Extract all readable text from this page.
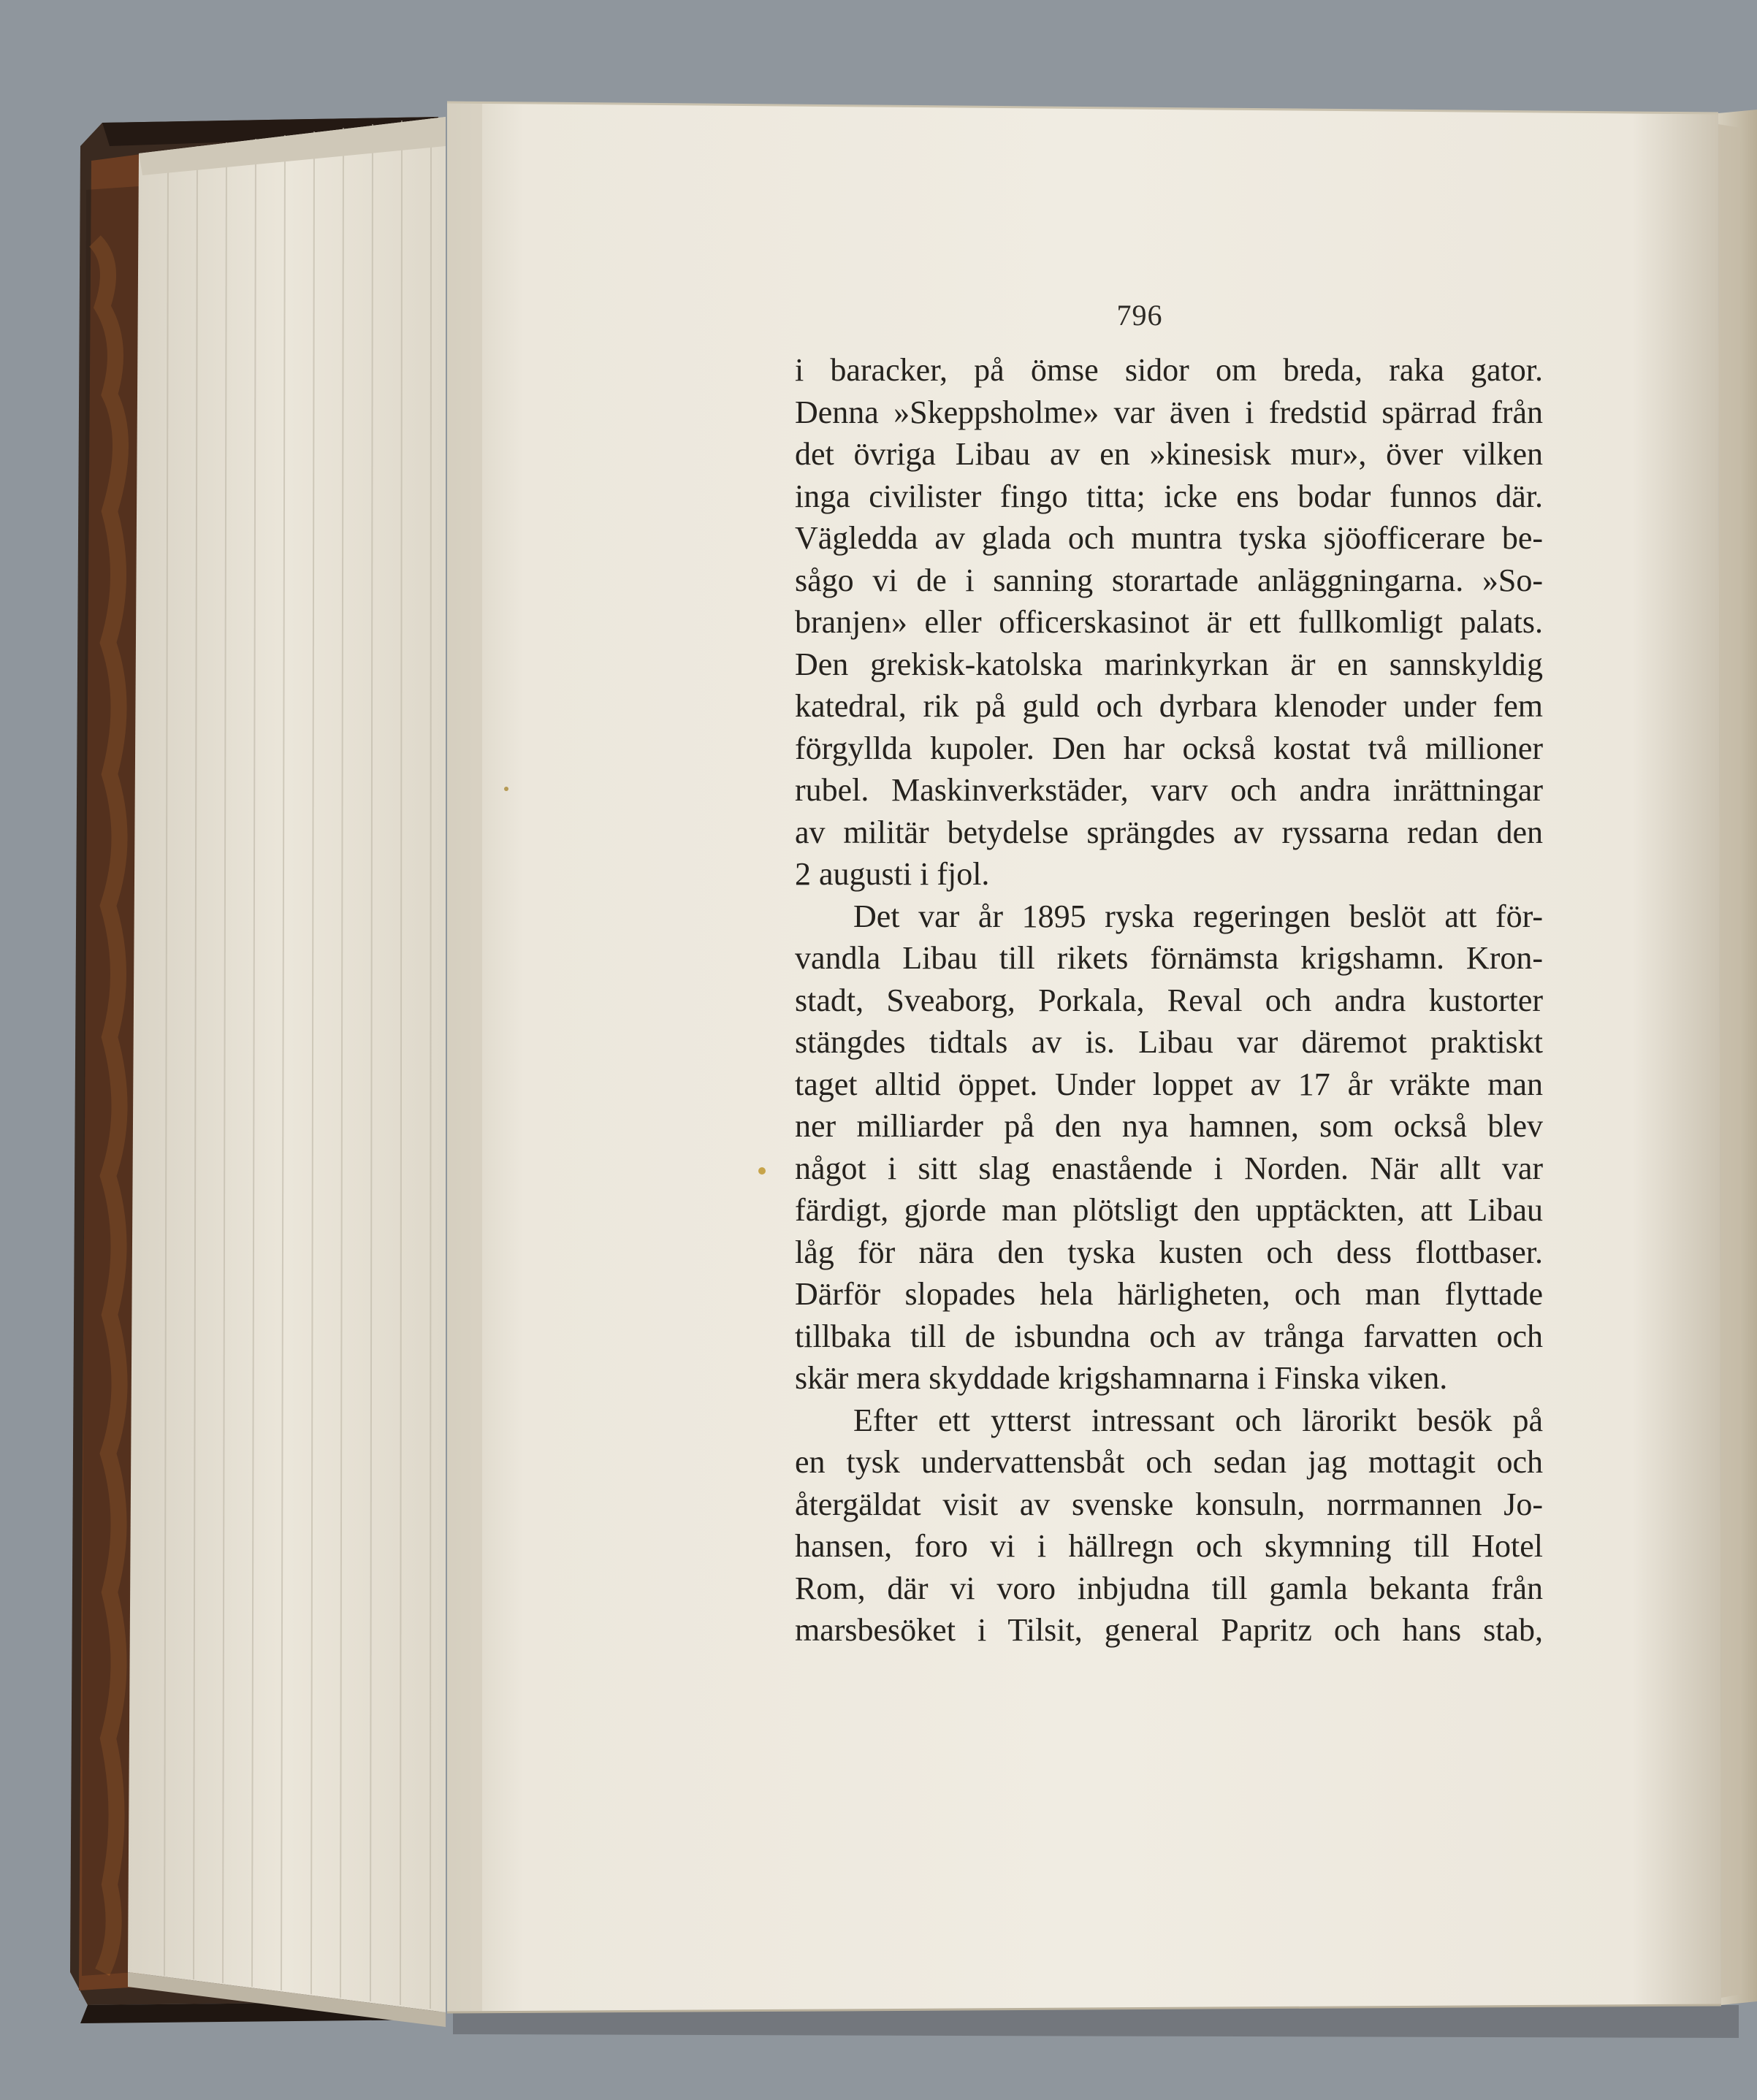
796

i baracker, på ömse sidor om breda, raka gator.

Denna »Skeppsholme» var även i fredstid spärrad från

det övriga Libau av en »kinesisk mur», över vilken

inga civilister fingo titta; icke ens bodar funnos där.

Vägledda av glada och muntra tyska sjöofficerare be-

sågo vi de i sanning storartade anläggningarna. »So-

branjen» eller officerskasinot är ett fullkomligt palats.

Den grekisk-katolska marinkyrkan är en sannskyldig

katedral, rik på guld och dyrbara klenoder under fem

förgyllda kupoler. Den har också kostat två millioner

rubel. Maskinverkstäder, varv och andra inrättningar

av militär betydelse sprängdes av ryssarna redan den

2 augusti i fjol.

Det var år 1895 ryska regeringen beslöt att för-

vandla Libau till rikets förnämsta krigshamn. Kron-

stadt, Sveaborg, Porkala, Reval och andra kustorter

stängdes tidtals av is. Libau var däremot praktiskt

taget alltid öppet. Under loppet av 17 år vräkte man

ner milliarder på den nya hamnen, som också blev

något i sitt slag enastående i Norden. När allt var

färdigt, gjorde man plötsligt den upptäckten, att Libau

låg för nära den tyska kusten och dess flottbaser.

Därför slopades hela härligheten, och man flyttade

tillbaka till de isbundna och av trånga farvatten och

skär mera skyddade krigshamnarna i Finska viken.

Efter ett ytterst intressant och lärorikt besök på

en tysk undervattensbåt och sedan jag mottagit och

återgäldat visit av svenske konsuln, norrmannen Jo-

hansen, foro vi i hällregn och skymning till Hotel

Rom, där vi voro inbjudna till gamla bekanta från

marsbesöket i Tilsit, general Papritz och hans stab,
